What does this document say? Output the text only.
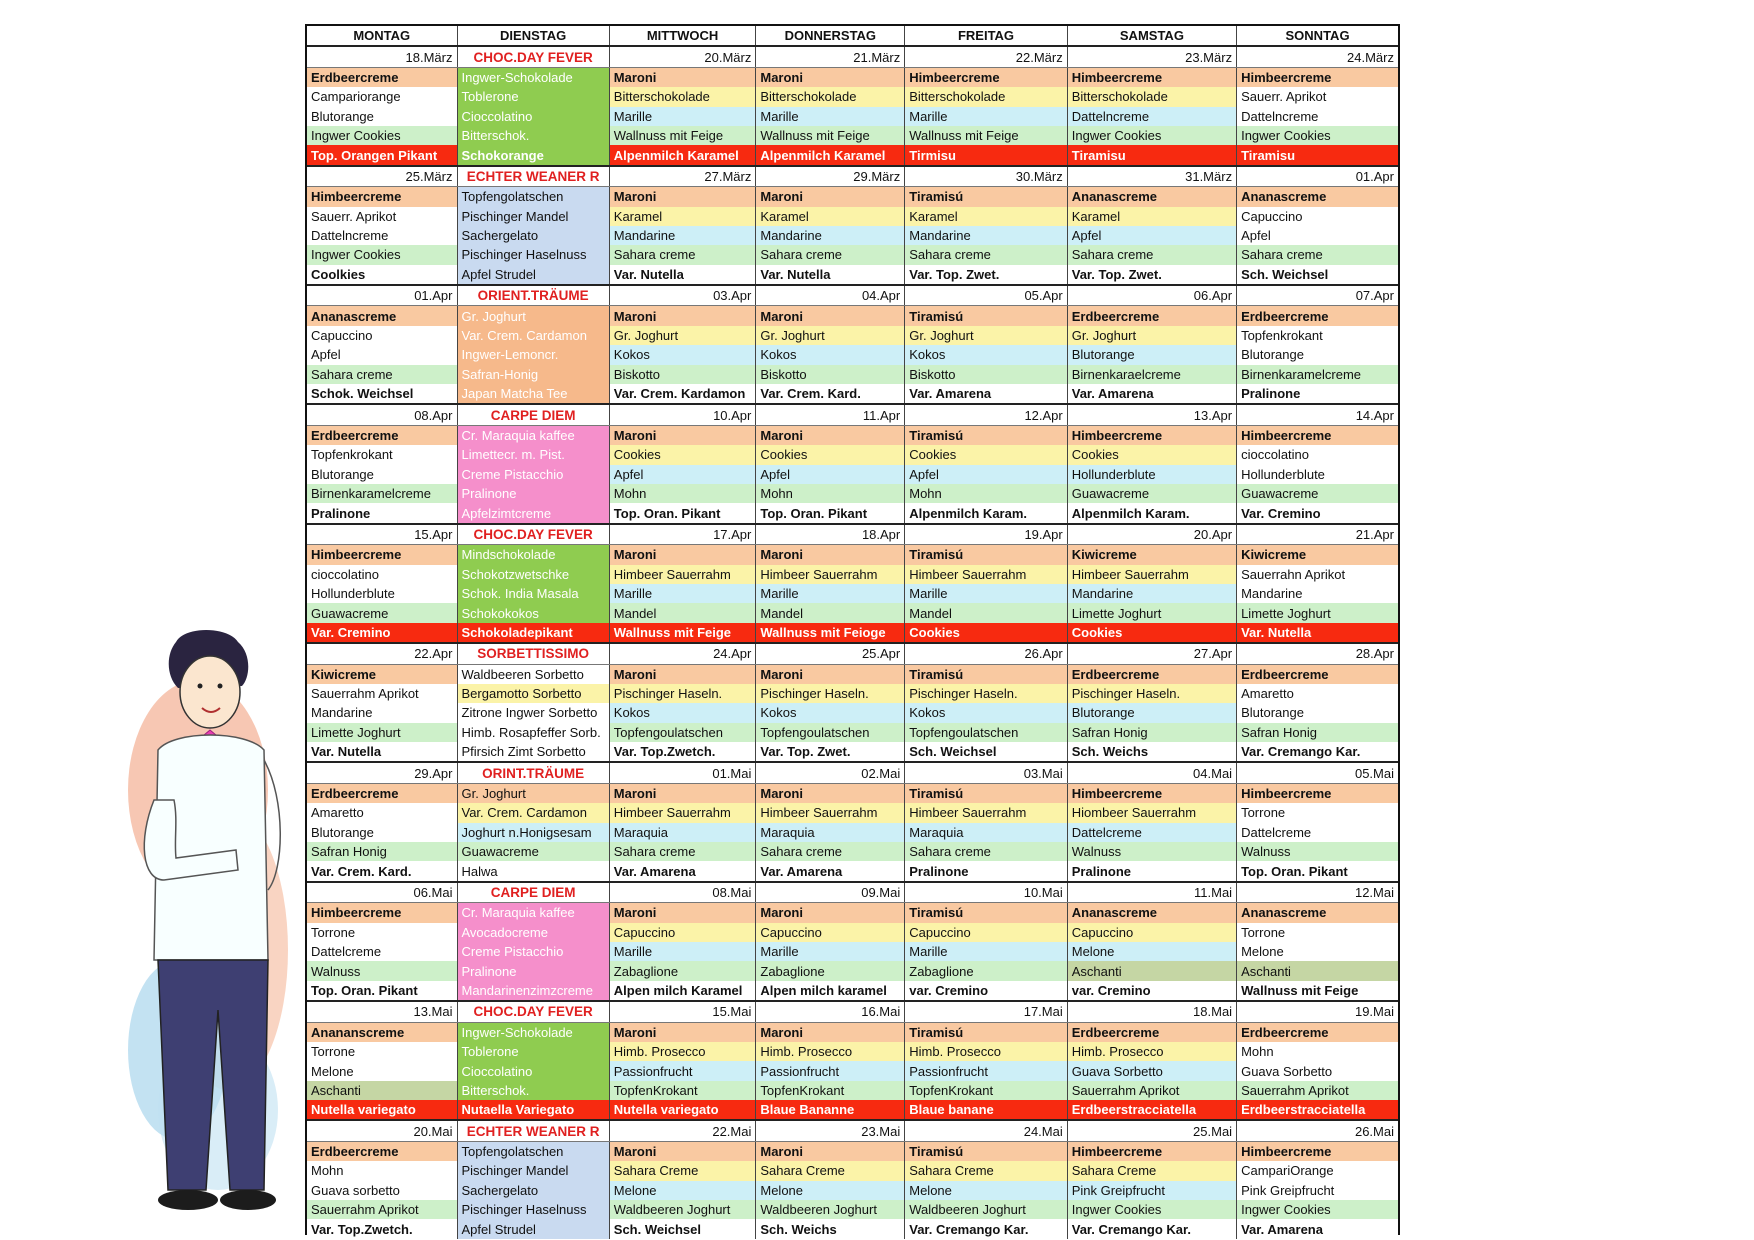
MONTAG	DIENSTAG	MITTWOCH	DONNERSTAG	FREITAG	SAMSTAG	SONNTAG
18.März	CHOC.DAY FEVER	20.März	21.März	22.März	23.März	24.März
Erdbeercreme	Ingwer-Schokolade	Maroni	Maroni	Himbeercreme	Himbeercreme	Himbeercreme
Campariorange	Toblerone	Bitterschokolade	Bitterschokolade	Bitterschokolade	Bitterschokolade	Sauerr. Aprikot
Blutorange	Cioccolatino	Marille	Marille	Marille	Dattelncreme	Dattelncreme
Ingwer Cookies	Bitterschok.	Wallnuss mit Feige	Wallnuss mit Feige	Wallnuss mit Feige	Ingwer Cookies	Ingwer Cookies
Top. Orangen Pikant	Schokorange	Alpenmilch Karamel	Alpenmilch Karamel	Tirmisu	Tiramisu	Tiramisu
25.März	ECHTER WEANER R	27.März	29.März	30.März	31.März	01.Apr
Himbeercreme	Topfengolatschen	Maroni	Maroni	Tiramisú	Ananascreme	Ananascreme
Sauerr. Aprikot	Pischinger Mandel	Karamel	Karamel	Karamel	Karamel	Capuccino
Dattelncreme	Sachergelato	Mandarine	Mandarine	Mandarine	Apfel	Apfel
Ingwer Cookies	Pischinger Haselnuss	Sahara creme	Sahara creme	Sahara creme	Sahara creme	Sahara creme
Coolkies	Apfel Strudel	Var. Nutella	Var. Nutella	Var. Top. Zwet.	Var. Top. Zwet.	Sch. Weichsel
01.Apr	ORIENT.TRÄUME	03.Apr	04.Apr	05.Apr	06.Apr	07.Apr
Ananascreme	Gr. Joghurt	Maroni	Maroni	Tiramisú	Erdbeercreme	Erdbeercreme
Capuccino	Var. Crem. Cardamon	Gr. Joghurt	Gr. Joghurt	Gr. Joghurt	Gr. Joghurt	Topfenkrokant
Apfel	Ingwer-Lemoncr.	Kokos	Kokos	Kokos	Blutorange	Blutorange
Sahara creme	Safran-Honig	Biskotto	Biskotto	Biskotto	Birnenkaraelcreme	Birnenkaramelcreme
Schok. Weichsel	Japan Matcha Tee	Var. Crem. Kardamon	Var. Crem. Kard.	Var. Amarena	Var. Amarena	Pralinone
08.Apr	CARPE DIEM	10.Apr	11.Apr	12.Apr	13.Apr	14.Apr
Erdbeercreme	Cr. Maraquia kaffee	Maroni	Maroni	Tiramisú	Himbeercreme	Himbeercreme
Topfenkrokant	Limettecr. m. Pist.	Cookies	Cookies	Cookies	Cookies	cioccolatino
Blutorange	Creme Pistacchio	Apfel	Apfel	Apfel	Hollunderblute	Hollunderblute
Birnenkaramelcreme	Pralinone	Mohn	Mohn	Mohn	Guawacreme	Guawacreme
Pralinone	Apfelzimtcreme	Top. Oran. Pikant	Top. Oran. Pikant	Alpenmilch Karam.	Alpenmilch Karam.	Var. Cremino
15.Apr	CHOC.DAY FEVER	17.Apr	18.Apr	19.Apr	20.Apr	21.Apr
Himbeercreme	Mindschokolade	Maroni	Maroni	Tiramisú	Kiwicreme	Kiwicreme
cioccolatino	Schokotzwetschke	Himbeer Sauerrahm	Himbeer Sauerrahm	Himbeer Sauerrahm	Himbeer Sauerrahm	Sauerrahn Aprikot
Hollunderblute	Schok. India Masala	Marille	Marille	Marille	Mandarine	Mandarine
Guawacreme	Schokokokos	Mandel	Mandel	Mandel	Limette Joghurt	Limette Joghurt
Var. Cremino	Schokoladepikant	Wallnuss mit Feige	Wallnuss mit Feioge	Cookies	Cookies	Var. Nutella
22.Apr	SORBETTISSIMO	24.Apr	25.Apr	26.Apr	27.Apr	28.Apr
Kiwicreme	Waldbeeren Sorbetto	Maroni	Maroni	Tiramisú	Erdbeercreme	Erdbeercreme
Sauerrahm Aprikot	Bergamotto Sorbetto	Pischinger Haseln.	Pischinger Haseln.	Pischinger Haseln.	Pischinger Haseln.	Amaretto
Mandarine	Zitrone Ingwer Sorbetto	Kokos	Kokos	Kokos	Blutorange	Blutorange
Limette Joghurt	Himb. Rosapfeffer Sorb.	Topfengoulatschen	Topfengoulatschen	Topfengoulatschen	Safran Honig	Safran Honig
Var. Nutella	Pfirsich Zimt Sorbetto	Var. Top.Zwetch.	Var. Top. Zwet.	Sch. Weichsel	Sch. Weichs	Var. Cremango Kar.
29.Apr	ORINT.TRÄUME	01.Mai	02.Mai	03.Mai	04.Mai	05.Mai
Erdbeercreme	Gr. Joghurt	Maroni	Maroni	Tiramisú	Himbeercreme	Himbeercreme
Amaretto	Var. Crem. Cardamon	Himbeer Sauerrahm	Himbeer Sauerrahm	Himbeer Sauerrahm	Hiombeer Sauerrahm	Torrone
Blutorange	Joghurt n.Honigsesam	Maraquia	Maraquia	Maraquia	Dattelcreme	Dattelcreme
Safran Honig	Guawacreme	Sahara creme	Sahara creme	Sahara creme	Walnuss	Walnuss
Var. Crem. Kard.	Halwa	Var. Amarena	Var. Amarena	Pralinone	Pralinone	Top. Oran. Pikant
06.Mai	CARPE DIEM	08.Mai	09.Mai	10.Mai	11.Mai	12.Mai
Himbeercreme	Cr. Maraquia kaffee	Maroni	Maroni	Tiramisú	Ananascreme	Ananascreme
Torrone	Avocadocreme	Capuccino	Capuccino	Capuccino	Capuccino	Torrone
Dattelcreme	Creme Pistacchio	Marille	Marille	Marille	Melone	Melone
Walnuss	Pralinone	Zabaglione	Zabaglione	Zabaglione	Aschanti	Aschanti
Top. Oran. Pikant	Mandarinenzimzcreme	Alpen milch Karamel	Alpen milch karamel	var. Cremino	var. Cremino	Wallnuss mit Feige
13.Mai	CHOC.DAY FEVER	15.Mai	16.Mai	17.Mai	18.Mai	19.Mai
Anananscreme	Ingwer-Schokolade	Maroni	Maroni	Tiramisú	Erdbeercreme	Erdbeercreme
Torrone	Toblerone	Himb. Prosecco	Himb. Prosecco	Himb. Prosecco	Himb. Prosecco	Mohn
Melone	Cioccolatino	Passionfrucht	Passionfrucht	Passionfrucht	Guava Sorbetto	Guava Sorbetto
Aschanti	Bitterschok.	TopfenKrokant	TopfenKrokant	TopfenKrokant	Sauerrahm Aprikot	Sauerrahm Aprikot
Nutella variegato	Nutaella Variegato	Nutella variegato	Blaue Bananne	Blaue banane	Erdbeerstracciatella	Erdbeerstracciatella
20.Mai	ECHTER WEANER R	22.Mai	23.Mai	24.Mai	25.Mai	26.Mai
Erdbeercreme	Topfengolatschen	Maroni	Maroni	Tiramisú	Himbeercreme	Himbeercreme
Mohn	Pischinger Mandel	Sahara Creme	Sahara Creme	Sahara Creme	Sahara Creme	CampariOrange
Guava sorbetto	Sachergelato	Melone	Melone	Melone	Pink Greipfrucht	Pink Greipfrucht
Sauerrahm Aprikot	Pischinger Haselnuss	Waldbeeren Joghurt	Waldbeeren Joghurt	Waldbeeren Joghurt	Ingwer Cookies	Ingwer Cookies
Var. Top.Zwetch.	Apfel Strudel	Sch. Weichsel	Sch. Weichs	Var. Cremango Kar.	Var. Cremango Kar.	Var. Amarena
